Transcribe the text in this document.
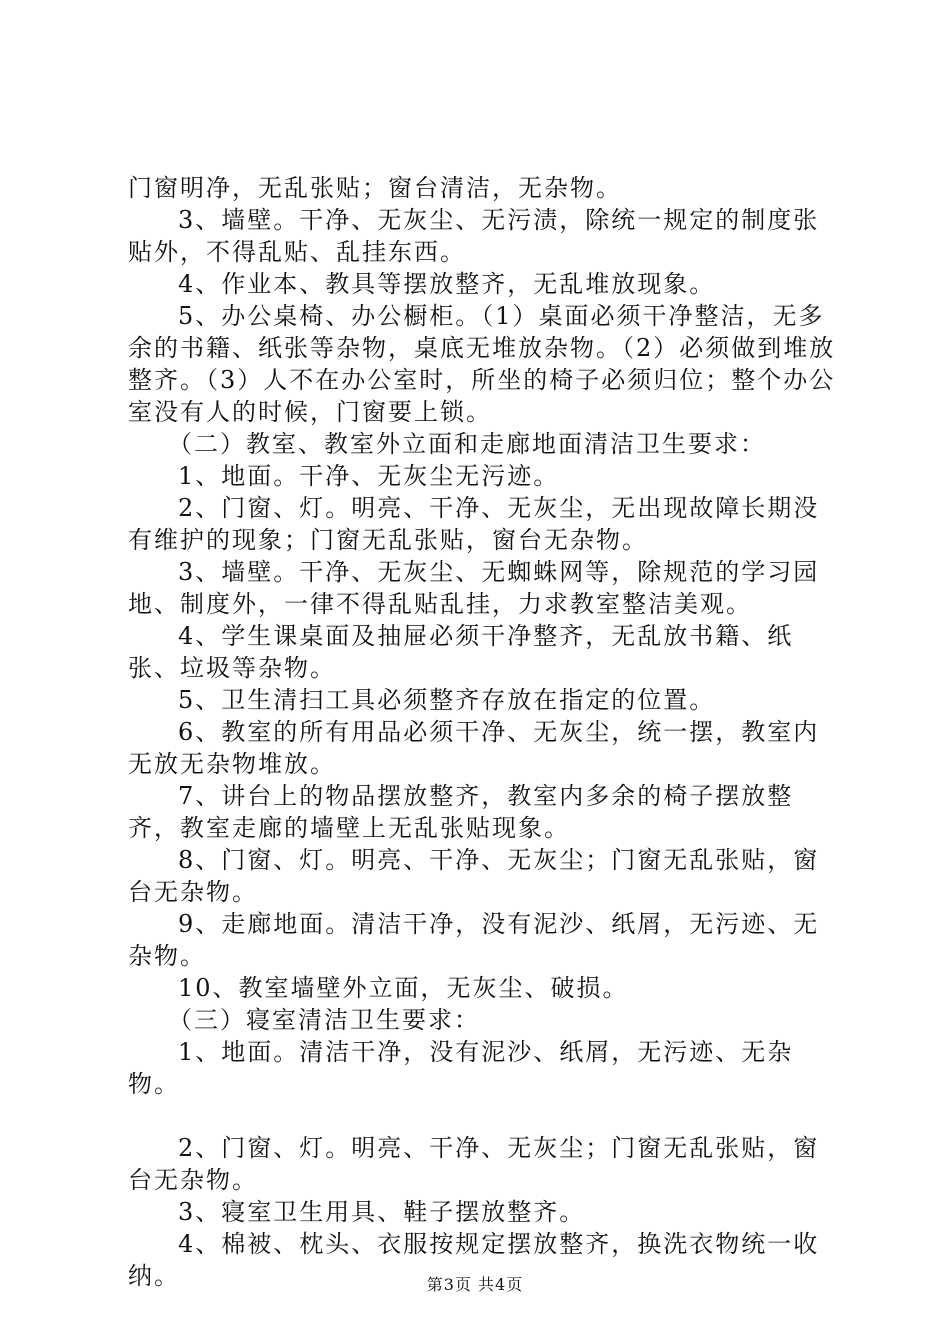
门窗明净，无乱张贴；窗台清洁，无杂物。

3、墙壁。干净、无灰尘、无污渍，除统一规定的制度张贴外，不得乱贴、乱挂东西。

4、作业本、教具等摆放整齐，无乱堆放现象。

5、办公桌椅、办公橱柜。（1）桌面必须干净整洁，无多余的书籍、纸张等杂物，桌底无堆放杂物。（2）必须做到堆放整齐。（3）人不在办公室时，所坐的椅子必须归位；整个办公室没有人的时候，门窗要上锁。

（二）教室、教室外立面和走廊地面清洁卫生要求：

1、地面。干净、无灰尘无污迹。

2、门窗、灯。明亮、干净、无灰尘，无出现故障长期没有维护的现象；门窗无乱张贴，窗台无杂物。

3、墙壁。干净、无灰尘、无蜘蛛网等，除规范的学习园地、制度外，一律不得乱贴乱挂，力求教室整洁美观。

4、学生课桌面及抽屉必须干净整齐，无乱放书籍、纸张、垃圾等杂物。

5、卫生清扫工具必须整齐存放在指定的位置。

6、教室的所有用品必须干净、无灰尘，统一摆，教室内无放无杂物堆放。

7、讲台上的物品摆放整齐，教室内多余的椅子摆放整齐，教室走廊的墙壁上无乱张贴现象。

8、门窗、灯。明亮、干净、无灰尘；门窗无乱张贴，窗台无杂物。

9、走廊地面。清洁干净，没有泥沙、纸屑，无污迹、无杂物。

10、教室墙壁外立面，无灰尘、破损。

（三）寝室清洁卫生要求：

1、地面。清洁干净，没有泥沙、纸屑，无污迹、无杂物。

2、门窗、灯。明亮、干净、无灰尘；门窗无乱张贴，窗台无杂物。

3、寝室卫生用具、鞋子摆放整齐。

4、棉被、枕头、衣服按规定摆放整齐，换洗衣物统一收纳。	第3页 共4页
